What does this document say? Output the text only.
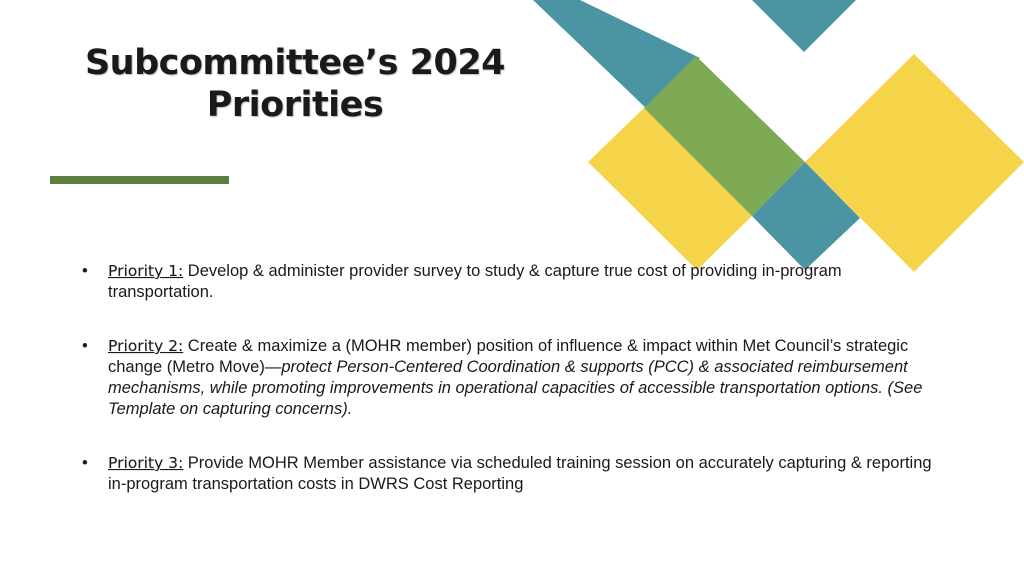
Subcommittee’s 2024
Priorities
• Priority 1: Develop & administer provider survey to study & capture true cost of providing in-program transportation.
• Priority 2: Create & maximize a (MOHR member) position of influence & impact within Met Council’s strategic change (Metro Move)—protect Person-Centered Coordination & supports (PCC) & associated reimbursement mechanisms, while promoting improvements in operational capacities of accessible transportation options. (See Template on capturing concerns).
• Priority 3: Provide MOHR Member assistance via scheduled training session on accurately capturing & reporting in-program transportation costs in DWRS Cost Reporting
